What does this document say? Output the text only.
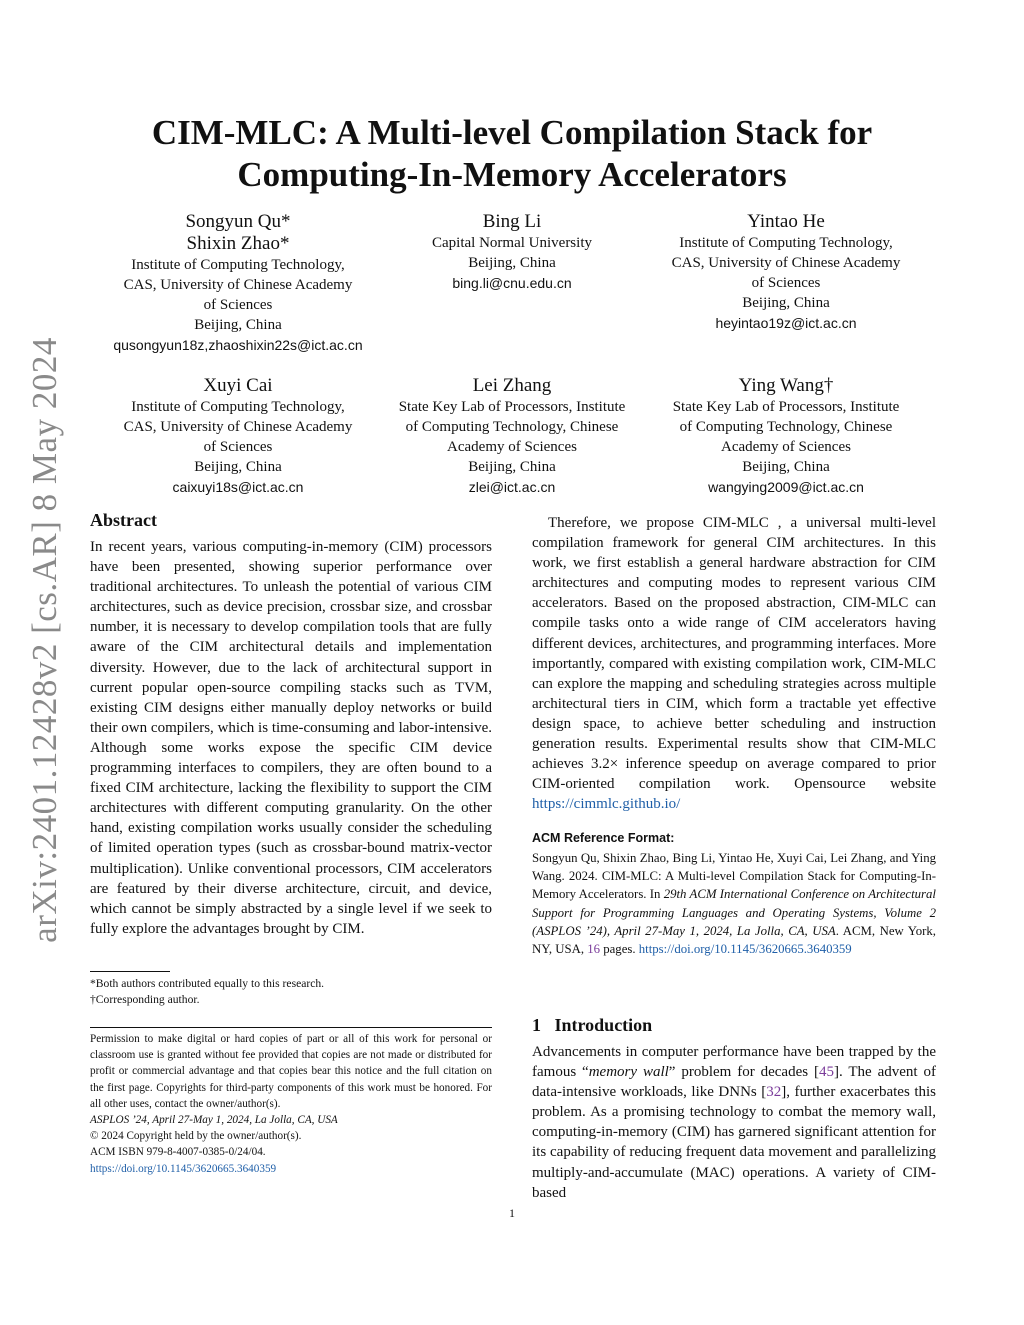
arXiv:2401.12428v2 [cs.AR] 8 May 2024
CIM-MLC: A Multi-level Compilation Stack for
Computing-In-Memory Accelerators
Songyun Qu*
Shixin Zhao*
Institute of Computing Technology,
CAS, University of Chinese Academy
of Sciences
Beijing, China
qusongyun18z,zhaoshixin22s@ict.ac.cn
Bing Li
Capital Normal University
Beijing, China
bing.li@cnu.edu.cn
Yintao He
Institute of Computing Technology,
CAS, University of Chinese Academy
of Sciences
Beijing, China
heyintao19z@ict.ac.cn
Xuyi Cai
Institute of Computing Technology,
CAS, University of Chinese Academy
of Sciences
Beijing, China
caixuyi18s@ict.ac.cn
Lei Zhang
State Key Lab of Processors, Institute
of Computing Technology, Chinese
Academy of Sciences
Beijing, China
zlei@ict.ac.cn
Ying Wang†
State Key Lab of Processors, Institute
of Computing Technology, Chinese
Academy of Sciences
Beijing, China
wangying2009@ict.ac.cn
Abstract
In recent years, various computing-in-memory (CIM) processors have been presented, showing superior performance over traditional architectures. To unleash the potential of various CIM architectures, such as device precision, crossbar size, and crossbar number, it is necessary to develop compilation tools that are fully aware of the CIM architectural details and implementation diversity. However, due to the lack of architectural support in current popular open-source compiling stacks such as TVM, existing CIM designs either manually deploy networks or build their own compilers, which is time-consuming and labor-intensive. Although some works expose the specific CIM device programming interfaces to compilers, they are often bound to a fixed CIM architecture, lacking the flexibility to support the CIM architectures with different computing granularity. On the other hand, existing compilation works usually consider the scheduling of limited operation types (such as crossbar-bound matrix-vector multiplication). Unlike conventional processors, CIM accelerators are featured by their diverse architecture, circuit, and device, which cannot be simply abstracted by a single level if we seek to fully explore the advantages brought by CIM.
*Both authors contributed equally to this research.
†Corresponding author.
Permission to make digital or hard copies of part or all of this work for personal or classroom use is granted without fee provided that copies are not made or distributed for profit or commercial advantage and that copies bear this notice and the full citation on the first page. Copyrights for third-party components of this work must be honored. For all other uses, contact the owner/author(s).
ASPLOS ’24, April 27-May 1, 2024, La Jolla, CA, USA
© 2024 Copyright held by the owner/author(s).
ACM ISBN 979-8-4007-0385-0/24/04.
https://doi.org/10.1145/3620665.3640359
Therefore, we propose CIM-MLC , a universal multi-level compilation framework for general CIM architectures. In this work, we first establish a general hardware abstraction for CIM architectures and computing modes to represent various CIM accelerators. Based on the proposed abstraction, CIM-MLC can compile tasks onto a wide range of CIM accelerators having different devices, architectures, and programming interfaces. More importantly, compared with existing compilation work, CIM-MLC can explore the mapping and scheduling strategies across multiple architectural tiers in CIM, which form a tractable yet effective design space, to achieve better scheduling and instruction generation results. Experimental results show that CIM-MLC achieves 3.2× inference speedup on average compared to prior CIM-oriented compilation work. Opensource website https://cimmlc.github.io/
ACM Reference Format:
Songyun Qu, Shixin Zhao, Bing Li, Yintao He, Xuyi Cai, Lei Zhang, and Ying Wang. 2024. CIM-MLC: A Multi-level Compilation Stack for Computing-In-Memory Accelerators. In 29th ACM International Conference on Architectural Support for Programming Languages and Operating Systems, Volume 2 (ASPLOS ’24), April 27-May 1, 2024, La Jolla, CA, USA. ACM, New York, NY, USA, 16 pages. https://doi.org/10.1145/3620665.3640359
1 Introduction
Advancements in computer performance have been trapped by the famous “memory wall” problem for decades [45]. The advent of data-intensive workloads, like DNNs [32], further exacerbates this problem. As a promising technology to combat the memory wall, computing-in-memory (CIM) has garnered significant attention for its capability of reducing frequent data movement and parallelizing multiply-and-accumulate (MAC) operations. A variety of CIM-based
1
